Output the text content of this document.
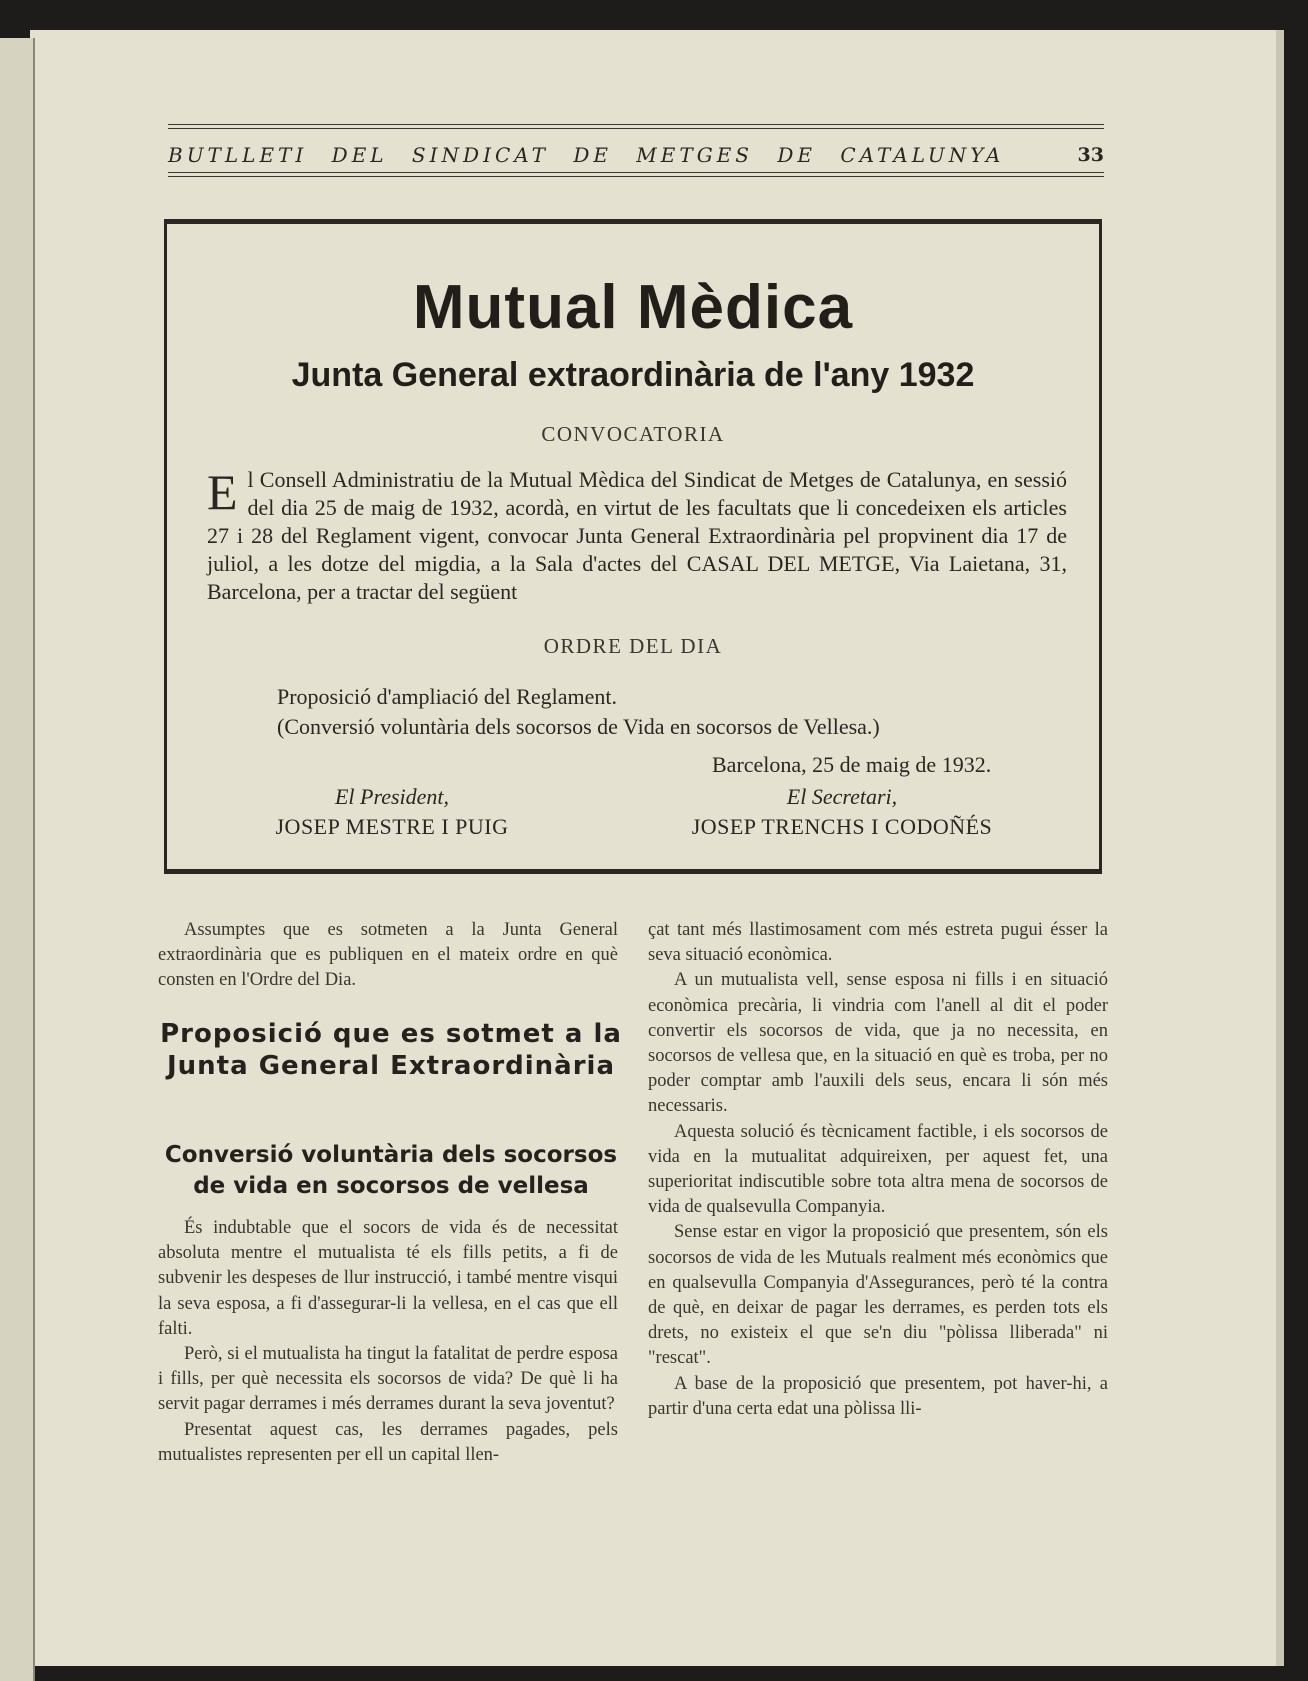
BUTLLETI DEL SINDICAT DE METGES DE CATALUNYA	33
Mutual Mèdica
Junta General extraordinària de l'any 1932
CONVOCATORIA
El Consell Administratiu de la Mutual Mèdica del Sindicat de Metges de Catalunya, en sessió del dia 25 de maig de 1932, acordà, en virtut de les facultats que li concedeixen els articles 27 i 28 del Reglament vigent, convocar Junta General Extraordinària pel propvinent dia 17 de juliol, a les dotze del migdia, a la Sala d'actes del CASAL DEL METGE, Via Laietana, 31, Barcelona, per a tractar del següent
ORDRE DEL DIA
Proposició d'ampliació del Reglament.
(Conversió voluntària dels socorsos de Vida en socorsos de Vellesa.)
Barcelona, 25 de maig de 1932.
El President,
JOSEP MESTRE I PUIG
El Secretari,
JOSEP TRENCHS I CODOÑÉS

Assumptes que es sotmeten a la Junta General extraordinària que es publiquen en el mateix ordre en què consten en l'Ordre del Dia.

Proposició que es sotmet a la Junta General Extraordinària
Conversió voluntària dels socorsos de vida en socorsos de vellesa

És indubtable que el socors de vida és de necessitat absoluta mentre el mutualista té els fills petits, a fi de subvenir les despeses de llur instrucció, i també mentre visqui la seva esposa, a fi d'assegurar-li la vellesa, en el cas que ell falti.

Però, si el mutualista ha tingut la fatalitat de perdre esposa i fills, per què necessita els socorsos de vida? De què li ha servit pagar derrames i més derrames durant la seva joventut?

Presentat aquest cas, les derrames pagades, pels mutualistes representen per ell un capital llen-

çat tant més llastimosament com més estreta pugui ésser la seva situació econòmica.

A un mutualista vell, sense esposa ni fills i en situació econòmica precària, li vindria com l'anell al dit el poder convertir els socorsos de vida, que ja no necessita, en socorsos de vellesa que, en la situació en què es troba, per no poder comptar amb l'auxili dels seus, encara li són més necessaris.

Aquesta solució és tècnicament factible, i els socorsos de vida en la mutualitat adquireixen, per aquest fet, una superioritat indiscutible sobre tota altra mena de socorsos de vida de qualsevulla Companyia.

Sense estar en vigor la proposició que presentem, són els socorsos de vida de les Mutuals realment més econòmics que en qualsevulla Companyia d'Assegurances, però té la contra de què, en deixar de pagar les derrames, es perden tots els drets, no existeix el que se'n diu "pòlissa lliberada" ni "rescat".

A base de la proposició que presentem, pot haver-hi, a partir d'una certa edat una pòlissa lli-
